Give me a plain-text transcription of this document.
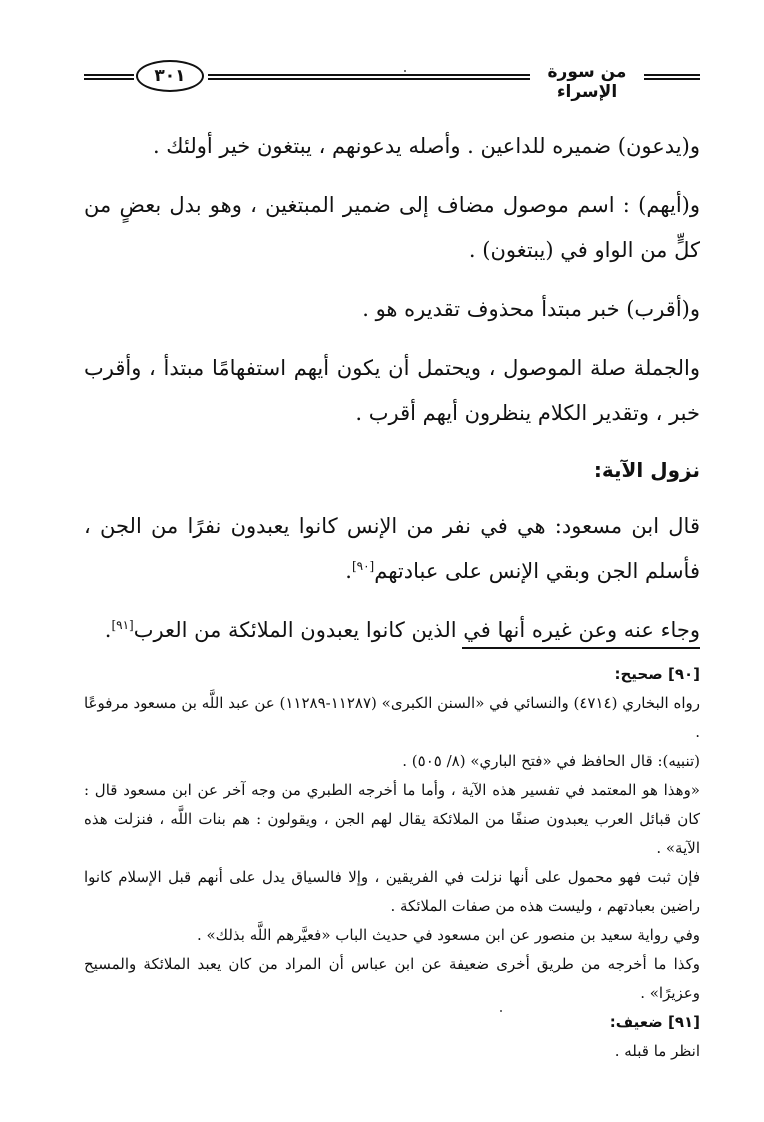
٣٠١	من سورة الإسراء

و(يدعون) ضميره للداعين . وأصله يدعونهم ، يبتغون خير أولئك .

و(أيهم) : اسم موصول مضاف إلى ضمير المبتغين ، وهو بدل بعضٍ من كلٍّ من الواو في (يبتغون) .

و(أقرب) خبر مبتدأ محذوف تقديره هو .

والجملة صلة الموصول ، ويحتمل أن يكون أيهم استفهامًا مبتدأ ، وأقرب خبر ، وتقدير الكلام ينظرون أيهم أقرب .

نزول الآية:

قال ابن مسعود: هي في نفر من الإنس كانوا يعبدون نفرًا من الجن ، فأسلم الجن وبقي الإنس على عبادتهم[٩٠].

وجاء عنه وعن غيره أنها في الذين كانوا يعبدون الملائكة من العرب[٩١].

[٩٠] صحيح:

رواه البخاري (٤٧١٤) والنسائي في «السنن الكبرى» (١١٢٨٧-١١٢٨٩) عن عبد اللَّه بن مسعود مرفوعًا .

(تنبيه): قال الحافظ في «فتح الباري» (٨/ ٥٠٥) .

«وهذا هو المعتمد في تفسير هذه الآية ، وأما ما أخرجه الطبري من وجه آخر عن ابن مسعود قال : كان قبائل العرب يعبدون صنفًا من الملائكة يقال لهم الجن ، ويقولون : هم بنات اللَّه ، فنزلت هذه الآية» .

فإن ثبت فهو محمول على أنها نزلت في الفريقين ، وإلا فالسياق يدل على أنهم قبل الإسلام كانوا راضين بعبادتهم ، وليست هذه من صفات الملائكة .

وفي رواية سعيد بن منصور عن ابن مسعود في حديث الباب «فعيَّرهم اللَّه بذلك» .

وكذا ما أخرجه من طريق أخرى ضعيفة عن ابن عباس أن المراد من كان يعبد الملائكة والمسيح وعزيرًا» .

[٩١] ضعيف:

انظر ما قبله .
